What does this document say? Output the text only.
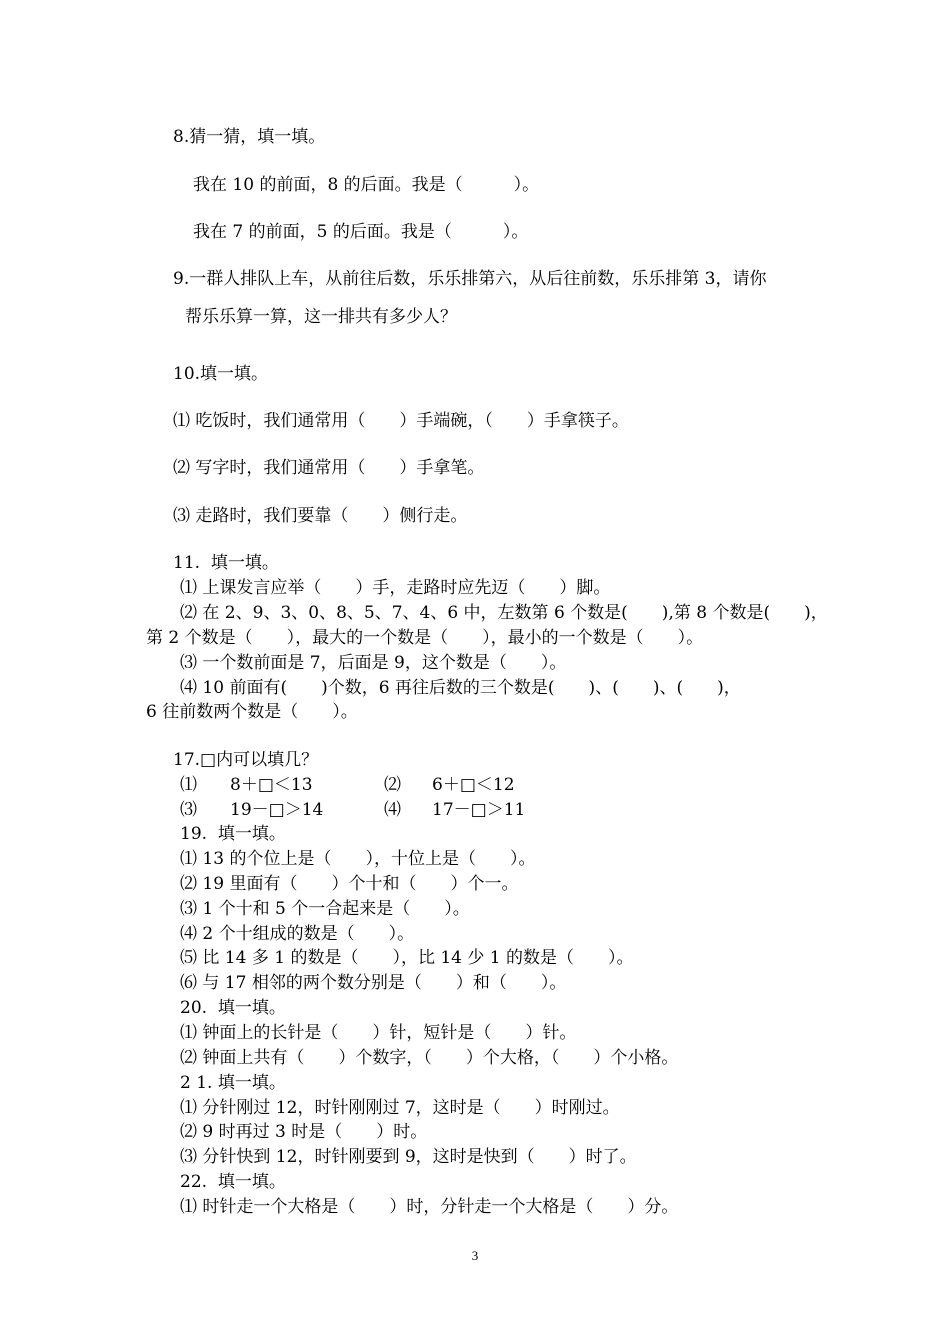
8.猜一猜，填一填。
我在 10 的前面，8 的后面。我是（　　　）。
我在 7 的前面，5 的后面。我是（　　　）。
9.一群人排队上车，从前往后数，乐乐排第六，从后往前数，乐乐排第 3，请你
帮乐乐算一算，这一排共有多少人？
10.填一填。
⑴ 吃饭时，我们通常用（　　）手端碗，（　　）手拿筷子。
⑵ 写字时，我们通常用（　　）手拿笔。
⑶ 走路时，我们要靠（　　）侧行走。
11.  填一填。
⑴ 上课发言应举（　　）手，走路时应先迈（　　）脚。
⑵ 在 2、9、3、0、8、5、7、4、6 中，左数第 6 个数是(　　),第 8 个数是(　　)，
第 2 个数是（　　），最大的一个数是（　　），最小的一个数是（　　）。
⑶ 一个数前面是 7，后面是 9，这个数是（　　）。
⑷ 10 前面有(　　)个数，6 再往后数的三个数是(　　)、(　　)、(　　)，
6 往前数两个数是（　　）。
17.□内可以填几？
⑴ 8＋□＜13	⑵ 6＋□＜12
⑶ 19－□＞14	⑷ 17－□＞11
19.  填一填。
⑴ 13 的个位上是（　　），十位上是（　　）。
⑵ 19 里面有（　　）个十和（　　）个一。
⑶ 1 个十和 5 个一合起来是（　　）。
⑷ 2 个十组成的数是（　　）。
⑸ 比 14 多 1 的数是（　　），比 14 少 1 的数是（　　）。
⑹ 与 17 相邻的两个数分别是（　　）和（　　）。
20.  填一填。
⑴ 钟面上的长针是（　　）针，短针是（　　）针。
⑵ 钟面上共有（　　）个数字，（　　）个大格，（　　）个小格。
2 1. 填一填。
⑴ 分针刚过 12，时针刚刚过 7，这时是（　　）时刚过。
⑵ 9 时再过 3 时是（　　）时。
⑶ 分针快到 12，时针刚要到 9，这时是快到（　　）时了。
22.  填一填。
⑴ 时针走一个大格是（　　）时，分针走一个大格是（　　）分。
3
